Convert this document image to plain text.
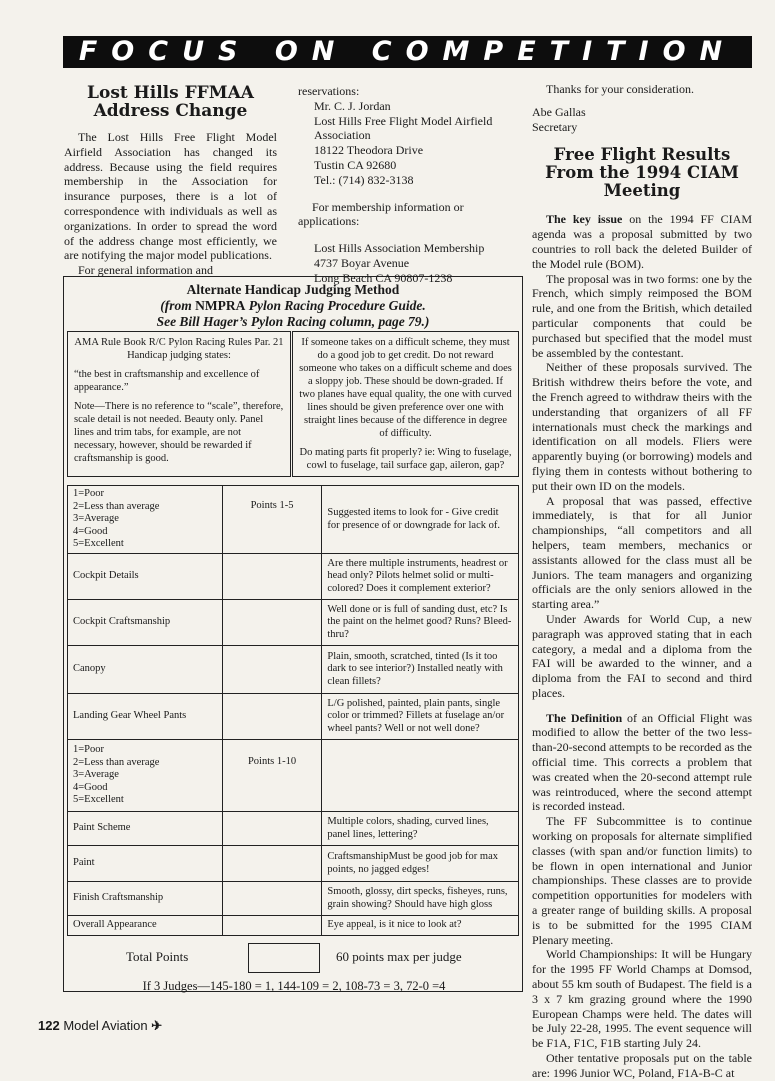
FOCUS ON COMPETITION
Lost Hills FFMAA Address Change

The Lost Hills Free Flight Model Airfield Association has changed its address. Because using the field requires membership in the Association for insurance purposes, there is a lot of correspondence with individuals as well as organizations. In order to spread the word of the address change most efficiently, we are notifying the major model publications.

For general information and

reservations:

Mr. C. J. Jordan
Lost Hills Free Flight Model Airfield Association
18122 Theodora Drive
Tustin CA 92680
Tel.: (714) 832-3138

For membership information or applications:

Lost Hills Association Membership
4737 Boyar Avenue
Long Beach CA 90807-1238

Thanks for your consideration.

Abe Gallas

Secretary

Free Flight Results From the 1994 CIAM Meeting

The key issue on the 1994 FF CIAM agenda was a proposal submitted by two countries to roll back the deleted Builder of the Model rule (BOM).

The proposal was in two forms: one by the French, which simply reimposed the BOM rule, and one from the British, which detailed particular components that could be purchased but specified that the model must be assembled by the contestant.

Neither of these proposals survived. The British withdrew theirs before the vote, and the French agreed to withdraw theirs with the understanding that organizers of all FF internationals must check the markings and identification on all models. Fliers were apparently buying (or borrowing) models and flying them in contests without bothering to put their own ID on the models.

A proposal that was passed, effective immediately, is that for all Junior championships, “all competitors and all helpers, team members, mechanics or assistants allowed for the class must all be Juniors. The team managers and organizing officials are the only seniors allowed in the starting area.”

Under Awards for World Cup, a new paragraph was approved stating that in each category, a medal and a diploma from the FAI will be awarded to the winner, and a diploma from the FAI to second and third places.

The Definition of an Official Flight was modified to allow the better of the two less-than-20-second attempts to be recorded as the official time. This corrects a problem that was created when the 20-second attempt rule was reintroduced, where the second attempt is recorded instead.

The FF Subcommittee is to continue working on proposals for alternate simplified classes (with span and/or function limits) to be flown in open international and Junior championships. These classes are to provide competition opportunities for modelers with a greater range of building skills. A proposal is to be submitted for the 1995 CIAM Plenary meeting.

World Championships: It will be Hungary for the 1995 FF World Champs at Domsod, about 55 km south of Budapest. The field is a 3 x 7 km grazing ground where the 1990 European Champs were held. The dates will be July 22-28, 1995. The event sequence will be F1A, F1C, F1B starting July 24.

Other tentative proposals put on the table are: 1996 Junior WC, Poland, F1A-B-C at

Alternate Handicap Judging Method
(from NMPRA Pylon Racing Procedure Guide.
See Bill Hager’s Pylon Racing column, page 79.)

AMA Rule Book R/C Pylon Racing Rules Par. 21 Handicap judging states:

“the best in craftsmanship and excellence of appearance.”

Note—There is no reference to “scale”, therefore, scale detail is not needed. Beauty only. Panel lines and trim tabs, for example, are not necessary, however, should be rewarded if craftsmanship is good.

If someone takes on a difficult scheme, they must do a good job to get credit. Do not reward someone who takes on a difficult scheme and does a sloppy job. These should be down-graded. If two planes have equal quality, the one with curved lines should be given preference over one with straight lines because of the difference in degree of difficulty.

Do mating parts fit properly? ie: Wing to fuselage, cowl to fuselage, tail surface gap, aileron, gap?

1=Poor
2=Less than average
3=Average
4=Good
5=Excellent	Points 1-5	Suggested items to look for - Give credit for presence of or downgrade for lack of.
Cockpit Details		Are there multiple instruments, headrest or head only? Pilots helmet solid or multi-colored? Does it complement exterior?
Cockpit Craftsmanship		Well done or is full of sanding dust, etc? Is the paint on the helmet good? Runs? Bleed-thru?
Canopy		Plain, smooth, scratched, tinted (Is it too dark to see interior?) Installed neatly with clean fillets?
Landing Gear Wheel Pants		L/G polished, painted, plain pants, single color or trimmed? Fillets at fuselage an/or wheel pants? Well or not well done?

1=Poor
2=Less than average
3=Average
4=Good
5=Excellent	Points 1-10	
Paint Scheme		Multiple colors, shading, curved lines, panel lines, lettering?
Paint		CraftsmanshipMust be good job for max points, no jagged edges!
Finish Craftsmanship		Smooth, glossy, dirt specks, fisheyes, runs, grain showing? Should have high gloss
Overall Appearance		Eye appeal, is it nice to look at?
Total Points	60 points max per judge
If 3 Judges—145-180 = 1, 144-109 = 2, 108-73 = 3, 72-0 =4
122 Model Aviation ✈
